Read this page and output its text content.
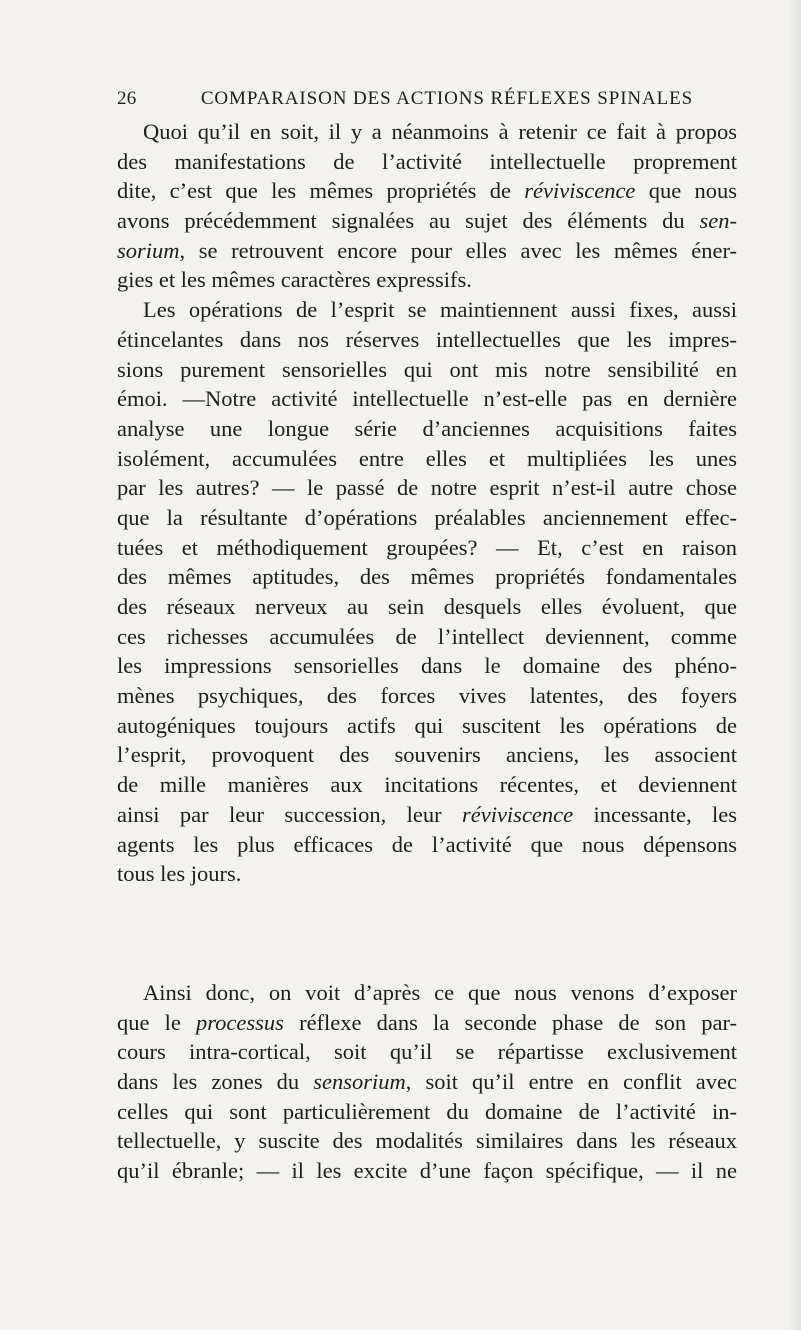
26	COMPARAISON DES ACTIONS RÉFLEXES SPINALES
Quoi qu’il en soit, il y a néanmoins à retenir ce fait à propos
des manifestations de l’activité intellectuelle proprement
dite, c’est que les mêmes propriétés de réviviscence que nous
avons précédemment signalées au sujet des éléments du sen-
sorium, se retrouvent encore pour elles avec les mêmes éner-
gies et les mêmes caractères expressifs.
Les opérations de l’esprit se maintiennent aussi fixes, aussi
étincelantes dans nos réserves intellectuelles que les impres-
sions purement sensorielles qui ont mis notre sensibilité en
émoi. —Notre activité intellectuelle n’est-elle pas en dernière
analyse une longue série d’anciennes acquisitions faites
isolément, accumulées entre elles et multipliées les unes
par les autres? — le passé de notre esprit n’est-il autre chose
que la résultante d’opérations préalables anciennement effec-
tuées et méthodiquement groupées? — Et, c’est en raison
des mêmes aptitudes, des mêmes propriétés fondamentales
des réseaux nerveux au sein desquels elles évoluent, que
ces richesses accumulées de l’intellect deviennent, comme
les impressions sensorielles dans le domaine des phéno-
mènes psychiques, des forces vives latentes, des foyers
autogéniques toujours actifs qui suscitent les opérations de
l’esprit, provoquent des souvenirs anciens, les associent
de mille manières aux incitations récentes, et deviennent
ainsi par leur succession, leur réviviscence incessante, les
agents les plus efficaces de l’activité que nous dépensons
tous les jours.
Ainsi donc, on voit d’après ce que nous venons d’exposer
que le processus réflexe dans la seconde phase de son par-
cours intra-cortical, soit qu’il se répartisse exclusivement
dans les zones du sensorium, soit qu’il entre en conflit avec
celles qui sont particulièrement du domaine de l’activité in-
tellectuelle, y suscite des modalités similaires dans les réseaux
qu’il ébranle; — il les excite d’une façon spécifique, — il ne
